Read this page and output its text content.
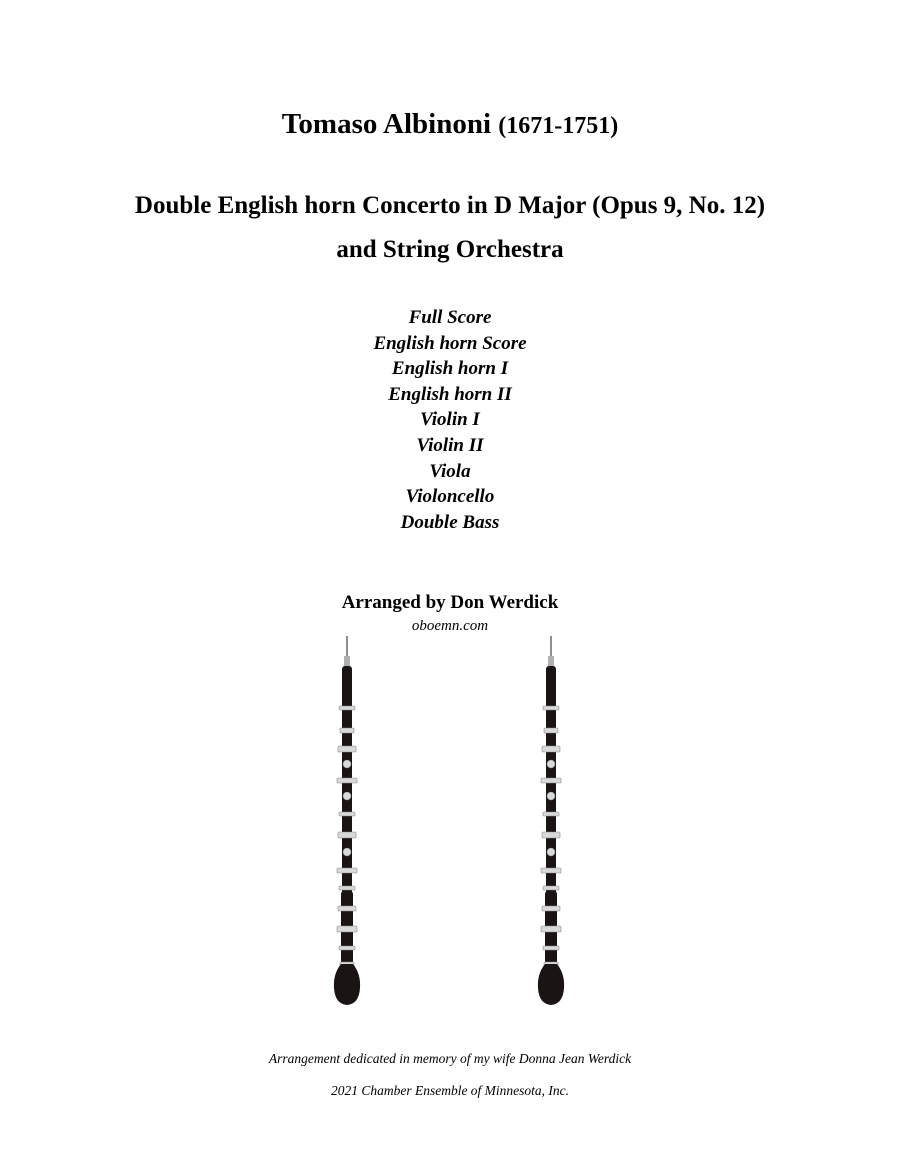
Tomaso Albinoni (1671-1751)
Double English horn Concerto in D Major (Opus 9, No. 12)
and String Orchestra
Full Score
English horn Score
English horn I
English horn II
Violin I
Violin II
Viola
Violoncello
Double Bass
Arranged by Don Werdick
oboemn.com
Arrangement dedicated in memory of my wife Donna Jean Werdick
2021 Chamber Ensemble of Minnesota, Inc.
